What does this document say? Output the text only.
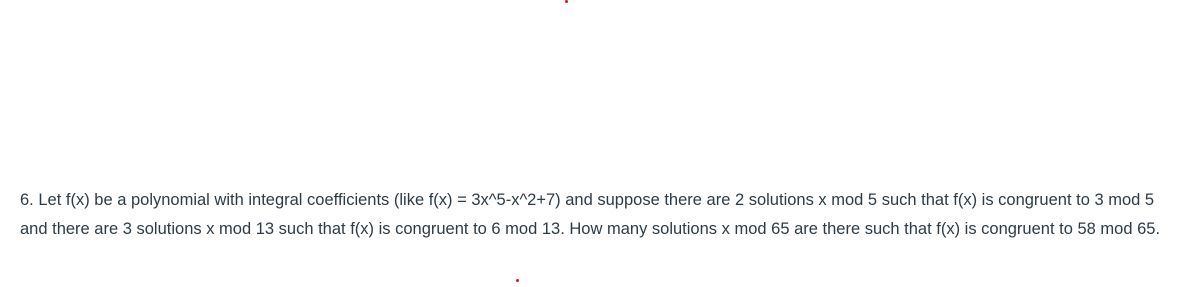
6. Let f(x) be a polynomial with integral coefficients (like f(x) = 3x^5-x^2+7) and suppose there are 2 solutions x mod 5 such that f(x) is congruent to 3 mod 5 and there are 3 solutions x mod 13 such that f(x) is congruent to 6 mod 13. How many solutions x mod 65 are there such that f(x) is congruent to 58 mod 65.
